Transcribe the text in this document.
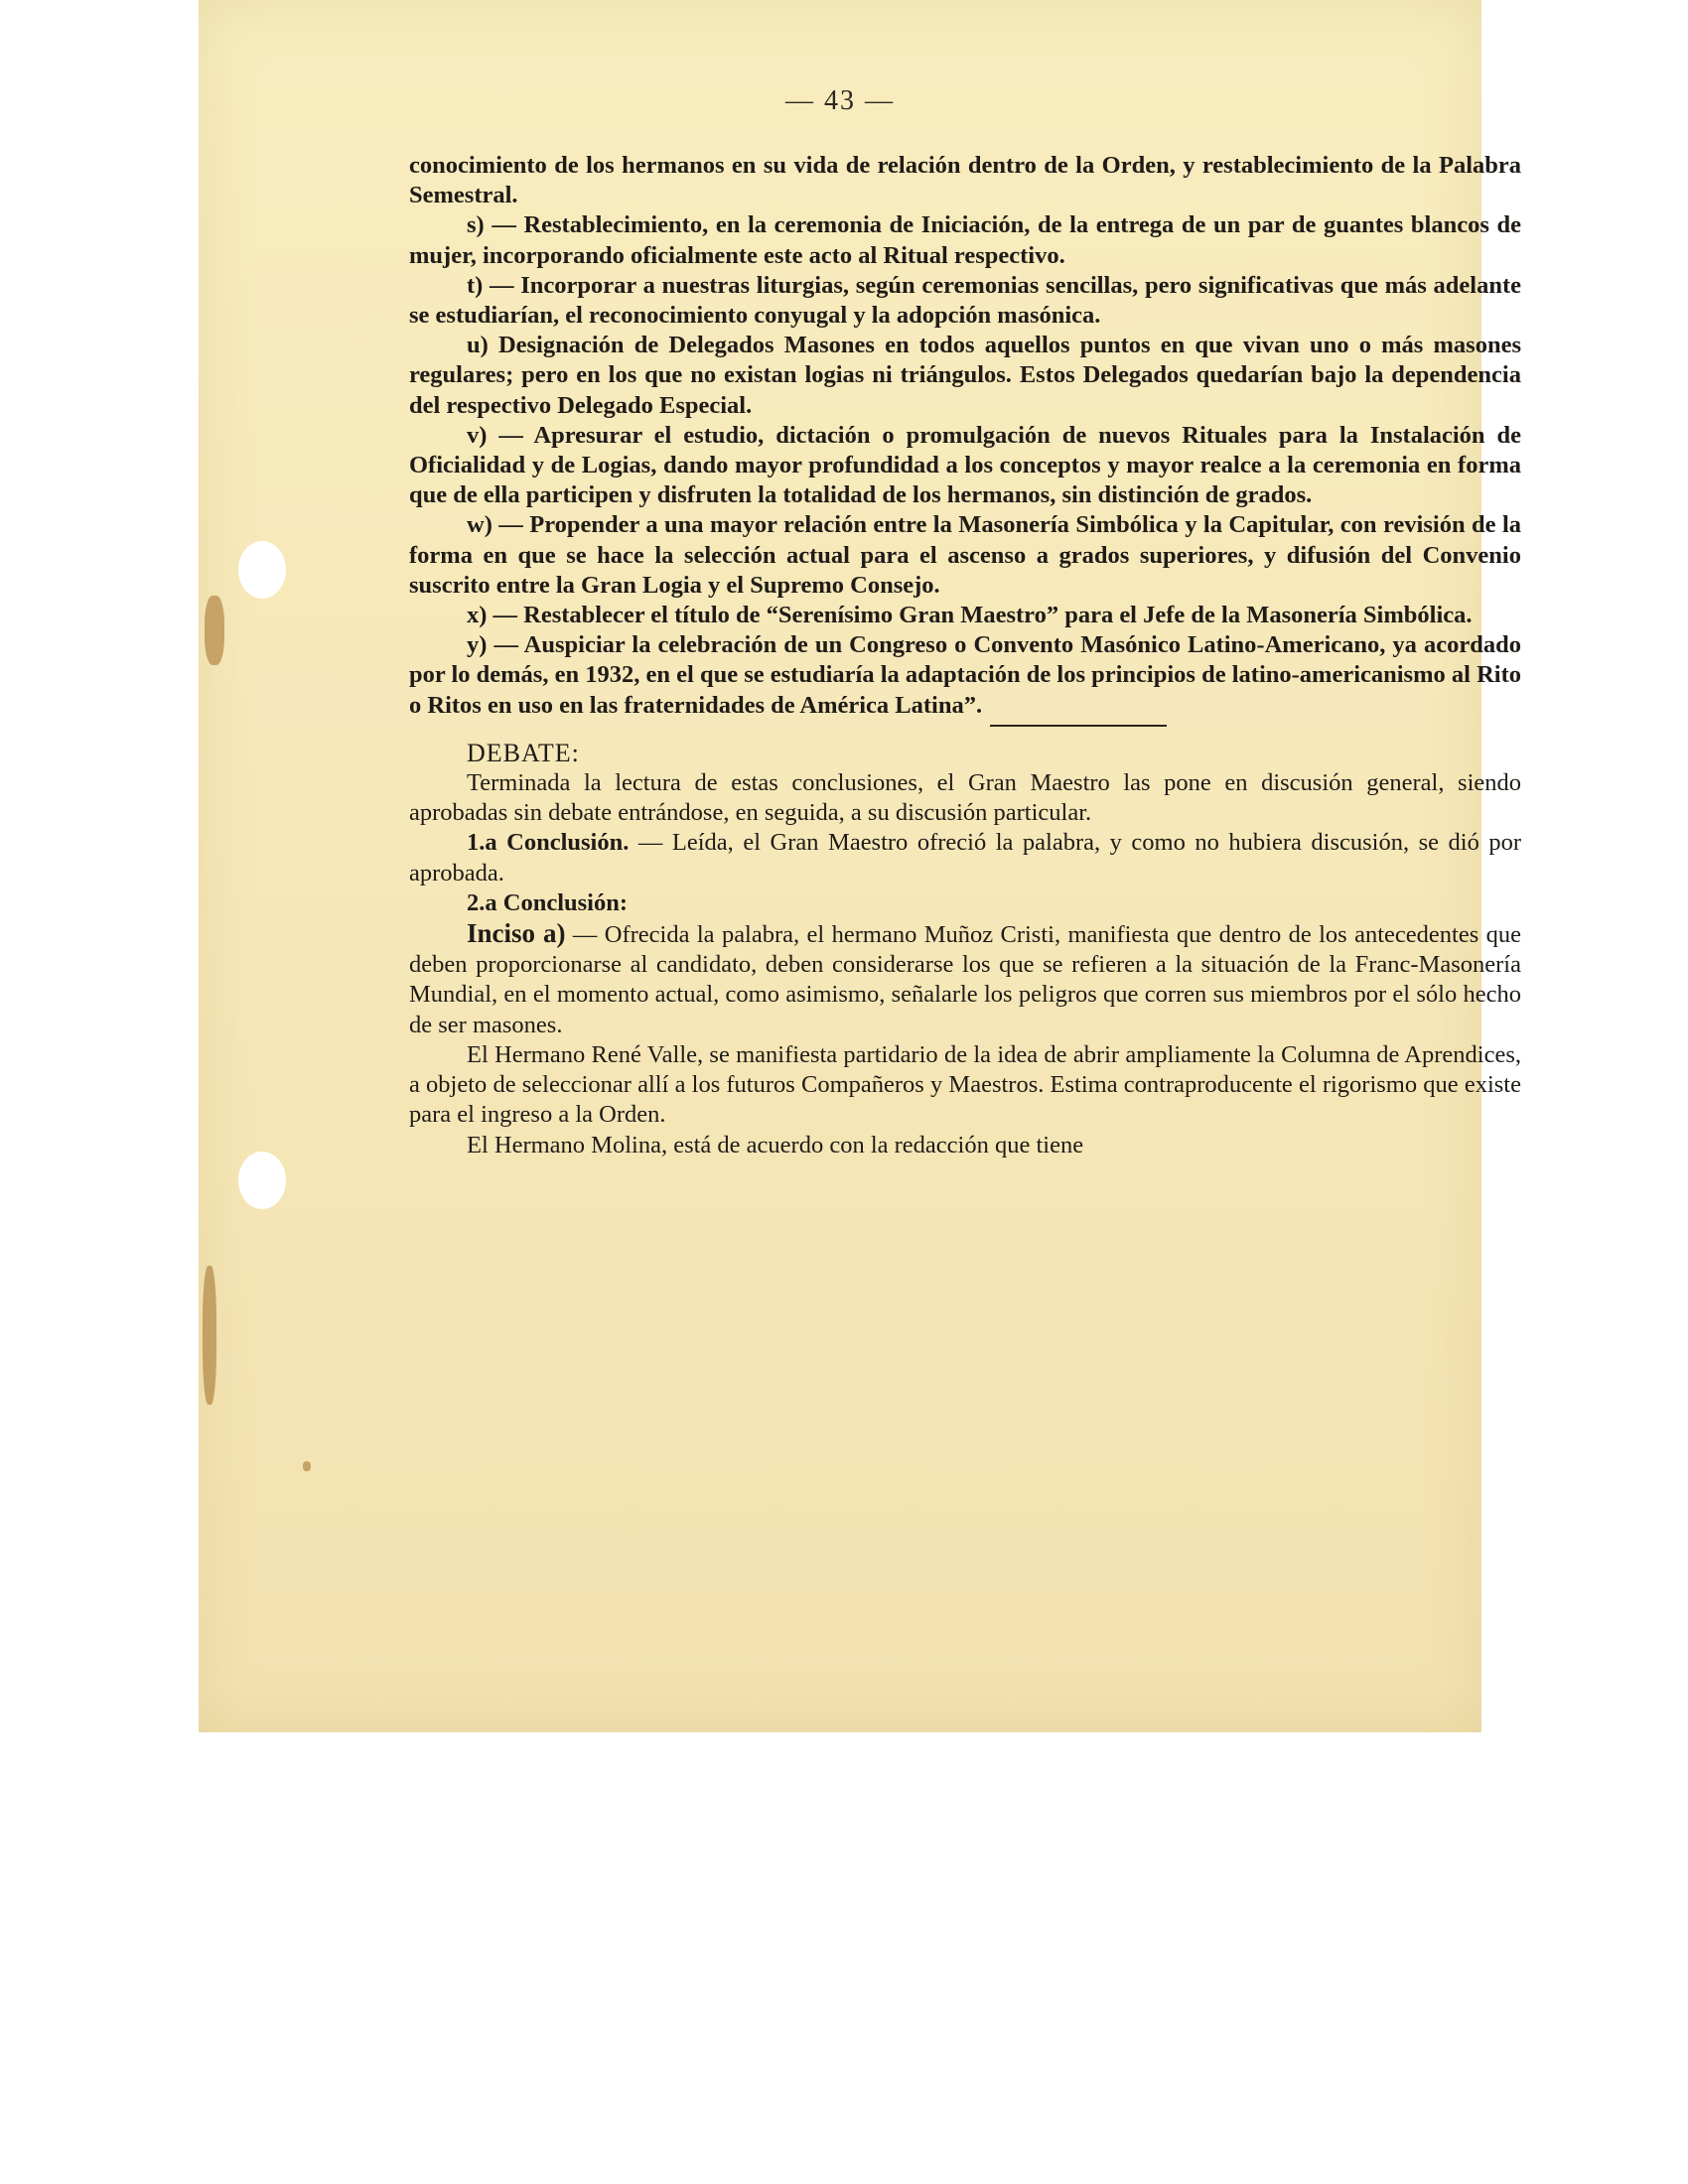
— 43 —

conocimiento de los hermanos en su vida de relación dentro de la Orden, y restablecimiento de la Palabra Semestral.

s) — Restablecimiento, en la ceremonia de Iniciación, de la entrega de un par de guantes blancos de mujer, incorporando oficialmente este acto al Ritual respectivo.

t) — Incorporar a nuestras liturgias, según ceremonias sencillas, pero significativas que más adelante se estudiarían, el reconocimiento conyugal y la adopción masónica.

u) Designación de Delegados Masones en todos aquellos puntos en que vivan uno o más masones regulares; pero en los que no existan logias ni triángulos. Estos Delegados quedarían bajo la dependencia del respectivo Delegado Especial.

v) — Apresurar el estudio, dictación o promulgación de nuevos Rituales para la Instalación de Oficialidad y de Logias, dando mayor profundidad a los conceptos y mayor realce a la ceremonia en forma que de ella participen y disfruten la totalidad de los hermanos, sin distinción de grados.

w) — Propender a una mayor relación entre la Masonería Simbólica y la Capitular, con revisión de la forma en que se hace la selección actual para el ascenso a grados superiores, y difusión del Convenio suscrito entre la Gran Logia y el Supremo Consejo.

x) — Restablecer el título de “Serenísimo Gran Maestro” para el Jefe de la Masonería Simbólica.

y) — Auspiciar la celebración de un Congreso o Convento Masónico Latino-Americano, ya acordado por lo demás, en 1932, en el que se estudiaría la adaptación de los principios de latino-americanismo al Rito o Ritos en uso en las fraternidades de América Latina”.

DEBATE:

Terminada la lectura de estas conclusiones, el Gran Maestro las pone en discusión general, siendo aprobadas sin debate entrándose, en seguida, a su discusión particular.

1.a Conclusión. — Leída, el Gran Maestro ofreció la palabra, y como no hubiera discusión, se dió por aprobada.

2.a Conclusión:

Inciso a) — Ofrecida la palabra, el hermano Muñoz Cristi, manifiesta que dentro de los antecedentes que deben proporcionarse al candidato, deben considerarse los que se refieren a la situación de la Franc-Masonería Mundial, en el momento actual, como asimismo, señalarle los peligros que corren sus miembros por el sólo hecho de ser masones.

El Hermano René Valle, se manifiesta partidario de la idea de abrir ampliamente la Columna de Aprendices, a objeto de seleccionar allí a los futuros Compañeros y Maestros. Estima contraproducente el rigorismo que existe para el ingreso a la Orden.

El Hermano Molina, está de acuerdo con la redacción que tiene
